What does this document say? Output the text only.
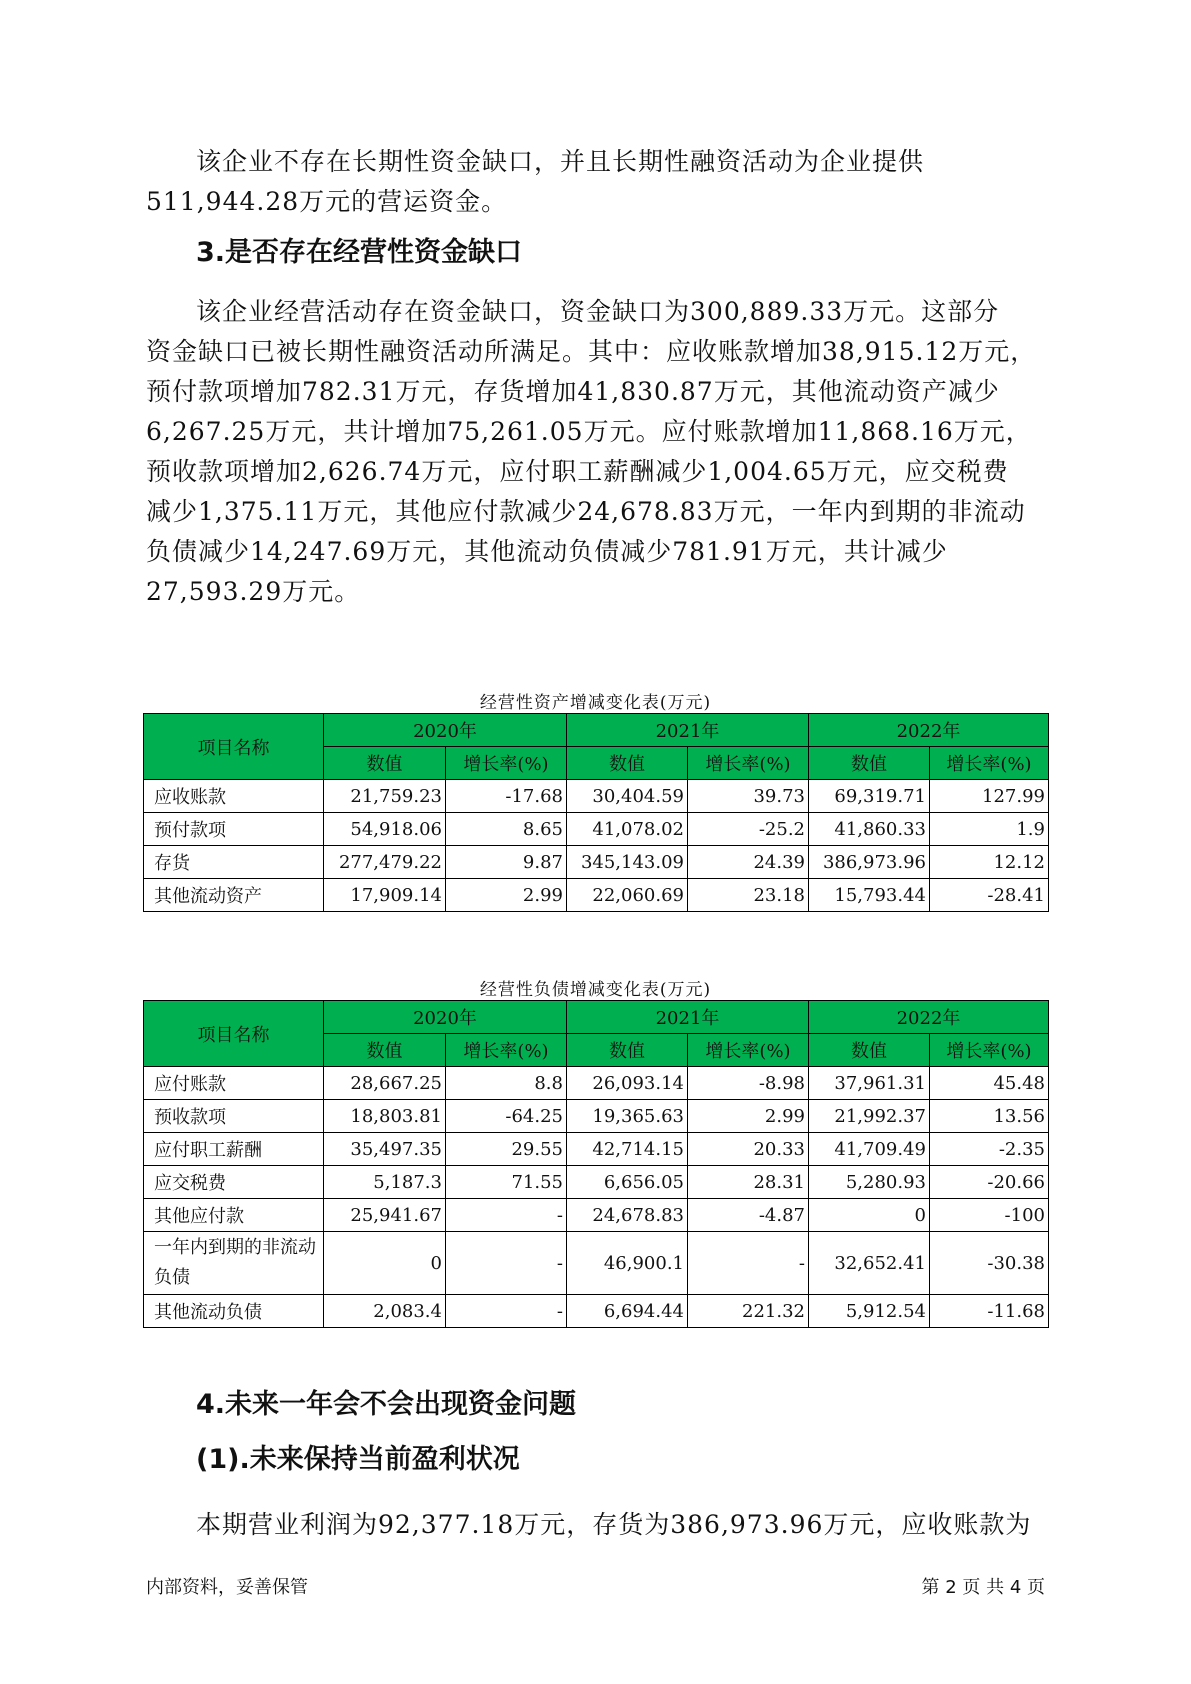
该企业不存在长期性资金缺口，并且长期性融资活动为企业提供
511,944.28万元的营运资金。

3.是否存在经营性资金缺口

该企业经营活动存在资金缺口，资金缺口为300,889.33万元。这部分
资金缺口已被长期性融资活动所满足。其中：应收账款增加38,915.12万元，
预付款项增加782.31万元，存货增加41,830.87万元，其他流动资产减少
6,267.25万元，共计增加75,261.05万元。应付账款增加11,868.16万元，
预收款项增加2,626.74万元，应付职工薪酬减少1,004.65万元，应交税费
减少1,375.11万元，其他应付款减少24,678.83万元，一年内到期的非流动
负债减少14,247.69万元，其他流动负债减少781.91万元，共计减少
27,593.29万元。

经营性资产增减变化表(万元)
项目名称	2020年		2021年		2022年	
	数值	增长率(%)	数值	增长率(%)	数值	增长率(%)
应收账款	21,759.23	-17.68	30,404.59	39.73	69,319.71	127.99
预付款项	54,918.06	8.65	41,078.02	-25.2	41,860.33	1.9
存货	277,479.22	9.87	345,143.09	24.39	386,973.96	12.12
其他流动资产	17,909.14	2.99	22,060.69	23.18	15,793.44	-28.41
经营性负债增减变化表(万元)
项目名称	2020年		2021年		2022年	
	数值	增长率(%)	数值	增长率(%)	数值	增长率(%)
应付账款	28,667.25	8.8	26,093.14	-8.98	37,961.31	45.48
预收款项	18,803.81	-64.25	19,365.63	2.99	21,992.37	13.56
应付职工薪酬	35,497.35	29.55	42,714.15	20.33	41,709.49	-2.35
应交税费	5,187.3	71.55	6,656.05	28.31	5,280.93	-20.66
其他应付款	25,941.67	-	24,678.83	-4.87	0	-100
一年内到期的非流动负债	0	-	46,900.1	-	32,652.41	-30.38
其他流动负债	2,083.4	-	6,694.44	221.32	5,912.54	-11.68
4.未来一年会不会出现资金问题
(1).未来保持当前盈利状况

本期营业利润为92,377.18万元，存货为386,973.96万元，应收账款为

内部资料，妥善保管	第 2 页 共 4 页
